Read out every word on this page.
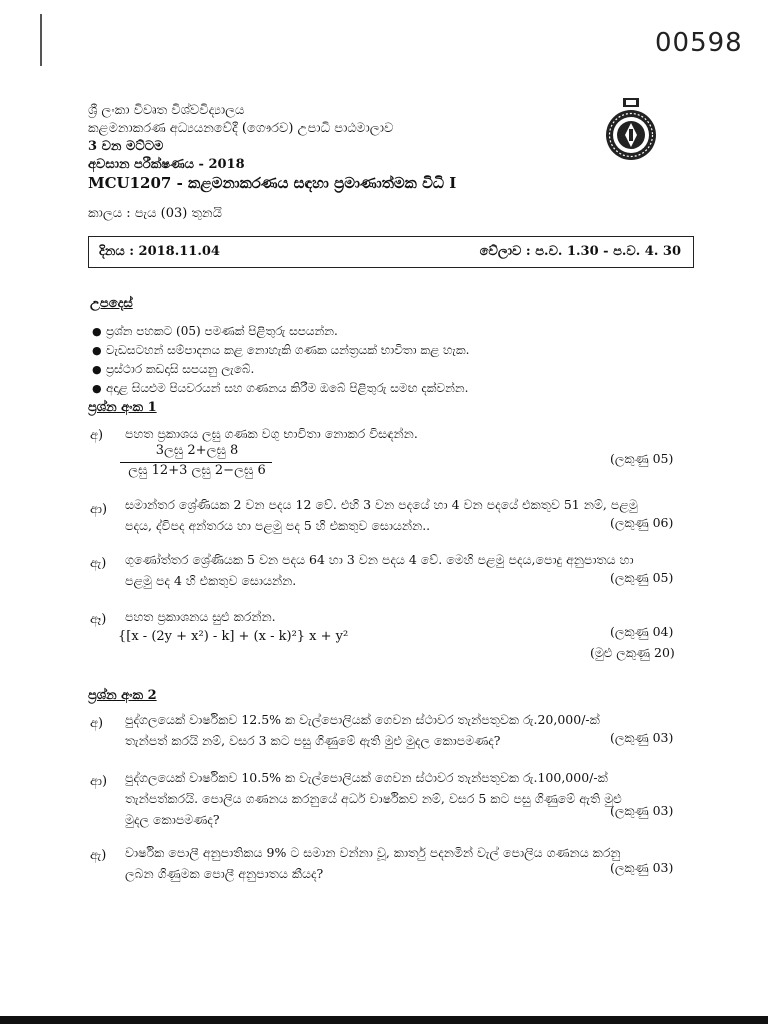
00598
ශ්‍රී ලංකා විවෘත විශ්වවිද්‍යාලය
කළමනාකරණ අධ්‍යයනවේදී (ගෞරව) උපාධි පාඨමාලාව
3 වන මට්ටම
අවසාන පරීක්ෂණය - 2018
MCU1207 - කළමනාකරණය සඳහා ප්‍රමාණාත්මක විධි I
කාලය : පැය (03) තුනයි
දිනය : 2018.11.04	වේලාව : ප.ව. 1.30 - ප.ව. 4. 30
උපදෙස්
● ප්‍රශ්න පහකට (05) පමණක් පිළිතුරු සපයන්න.
● වැඩසටහන් සම්පාදනය කළ නොහැකි ගණක යන්ත්‍රයක් භාවිතා කළ හැක.
● ප්‍රස්ථාර කඩදාසි සපයනු ලැබේ.
● අදාළ සියළුම පියවරයන් සහ ගණනය කිරීම ඔබේ පිළිතුරු සමඟ දක්වන්න.
ප්‍රශ්න අංක 1
අ) පහත ප්‍රකාශය ලඝු ගණක වගු භාවිතා නොකර විසඳන්න.
3ලඝු 2+ලඝු 8
ලඝු 12+3 ලඝු 2−ලඝු 6
(ලකුණු 05)
ආ) සමාන්තර ශ්‍රේණියක 2 වන පදය 12 වේ. එහි 3 වන පදයේ හා 4 වන පදයේ එකතුව 51 නම්, පළමු
පදය, ද්විපද අන්තරය හා පළමු පද 5 හි එකතුව සොයන්න..	(ලකුණු 06)
ඇ) ගුණෝත්තර ශ්‍රේණියක 5 වන පදය 64 හා 3 වන පදය 4 වේ. මෙහි පළමු පදය,පොදු අනුපාතය හා
පළමු පද 4 හි එකතුව සොයන්න.	(ලකුණු 05)
ඈ) පහත ප්‍රකාශනය සුළු කරන්න.
{[x - (2y + x²) - k] + (x - k)²} x + y²	(ලකුණු 04)
(මුළු ලකුණු 20)
ප්‍රශ්න අංක 2
අ) පුද්ගලයෙක් වාර්ෂිකව 12.5% ක වැල්පොලියක් ගෙවන ස්ථාවර තැන්පතුවක රු.20,000/-ක්
තැන්පත් කරයි නම්, වසර 3 කට පසු ගිණුමේ ඇති මුළු මුදල කොපමණද?	(ලකුණු 03)
ආ) පුද්ගලයෙක් වාර්ෂිකව 10.5% ක වැල්පොලියක් ගෙවන ස්ථාවර තැන්පතුවක රු.100,000/-ක්
තැන්පත්කරයි. පොලිය ගණනය කරනුයේ අර්ධ වාර්ෂිකව නම්, වසර 5 කට පසු ගිණුමේ ඇති මුළු
මුදල කොපමණද?
(ලකුණු 03)
ඇ) වාර්ෂික පොලී අනුපාතිකය 9% ට සමාන වන්නා වූ, කාර්තු පදනමින් වැල් පොලිය ගණනය කරනු
ලබන ගිණුමක පොලී අනුපාතය කීයද?	(ලකුණු 03)
